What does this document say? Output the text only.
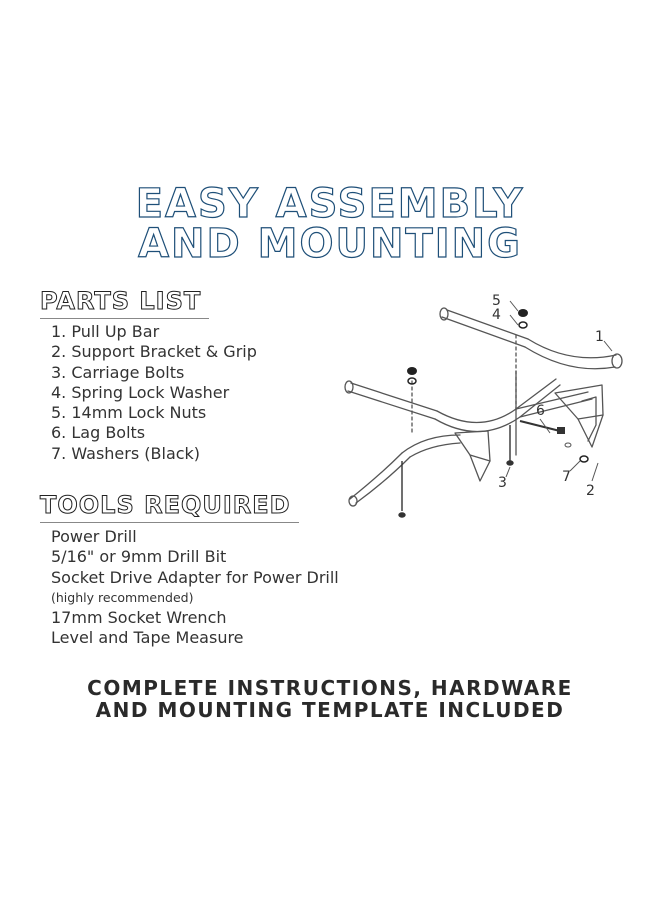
EASY ASSEMBLY
AND MOUNTING
PARTS LIST
1. Pull Up Bar
2. Support Bracket & Grip
3. Carriage Bolts
4. Spring Lock Washer
5. 14mm Lock Nuts
6. Lag Bolts
7. Washers (Black)
TOOLS REQUIRED
Power Drill
5/16" or 9mm Drill Bit
Socket Drive Adapter for Power Drill
(highly recommended)
17mm Socket Wrench
Level and Tape Measure
1
2
3
4
5
6
7
COMPLETE INSTRUCTIONS, HARDWARE
AND MOUNTING TEMPLATE INCLUDED
